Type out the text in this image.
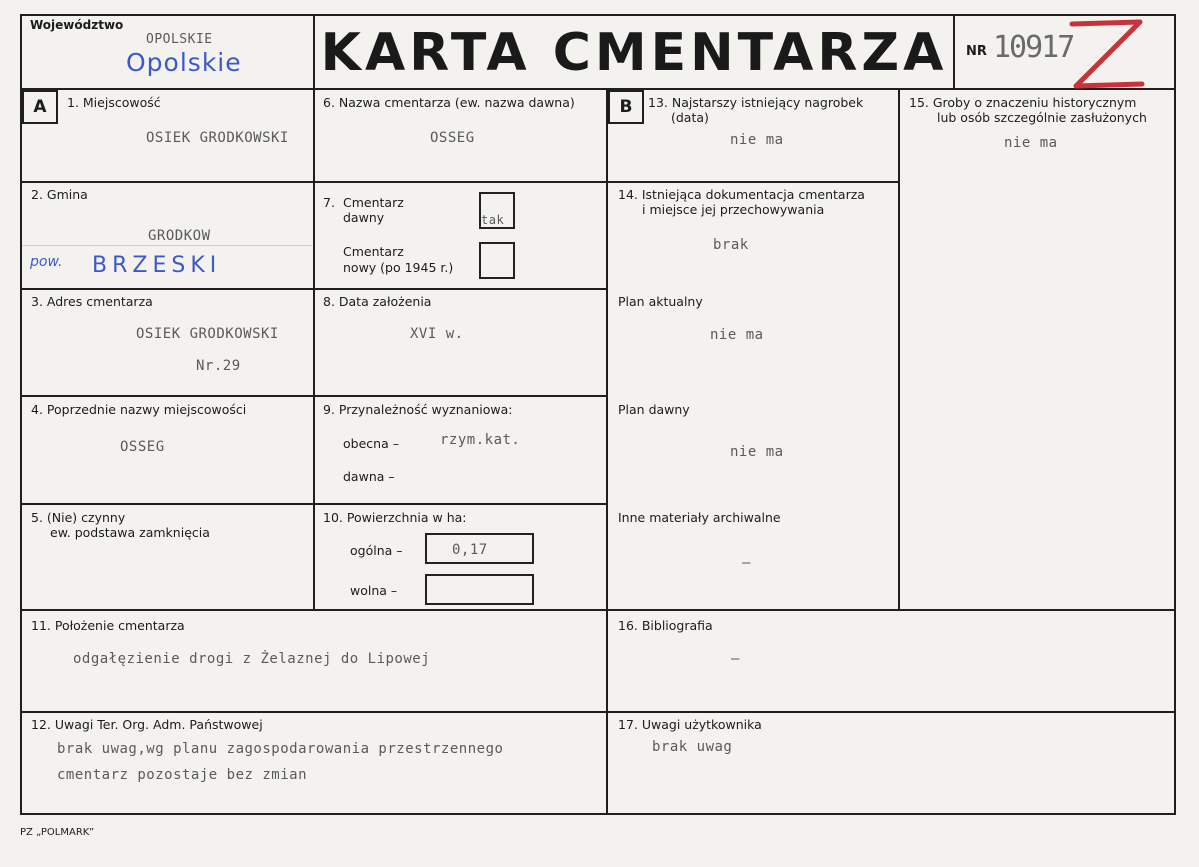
Województwo
OPOLSKIE
Opolskie KARTA CMENTARZA	NR 10917
A	B
1. Miejscowość
OSIEK GRODKOWSKI
2. Gmina
GRODKOW
pow. BRZESKI
3. Adres cmentarza
OSIEK GRODKOWSKI
Nr.29
4. Poprzednie nazwy miejscowości
OSSEG
5. (Nie) czynny
ew. podstawa zamknięcia
6. Nazwa cmentarza (ew. nazwa dawna)
OSSEG
7. Cmentarz
dawny	tak
Cmentarz
nowy (po 1945 r.)
8. Data założenia
XVI w.
9. Przynależność wyznaniowa:
obecna –	rzym.kat.
dawna –
10. Powierzchnia w ha:
ogólna –	0,17
wolna –
13. Najstarszy istniejący nagrobek
(data)
nie ma
14. Istniejąca dokumentacja cmentarza
i miejsce jej przechowywania
brak
Plan aktualny
nie ma
Plan dawny
nie ma
Inne materiały archiwalne
–
15. Groby o znaczeniu historycznym
lub osób szczególnie zasłużonych
nie ma
11. Położenie cmentarza
odgałęzienie drogi z Żelaznej do Lipowej
16. Bibliografia
–
12. Uwagi Ter. Org. Adm. Państwowej
brak uwag,wg planu zagospodarowania przestrzennego
cmentarz pozostaje bez zmian
17. Uwagi użytkownika
brak uwag
PZ „POLMARK”
